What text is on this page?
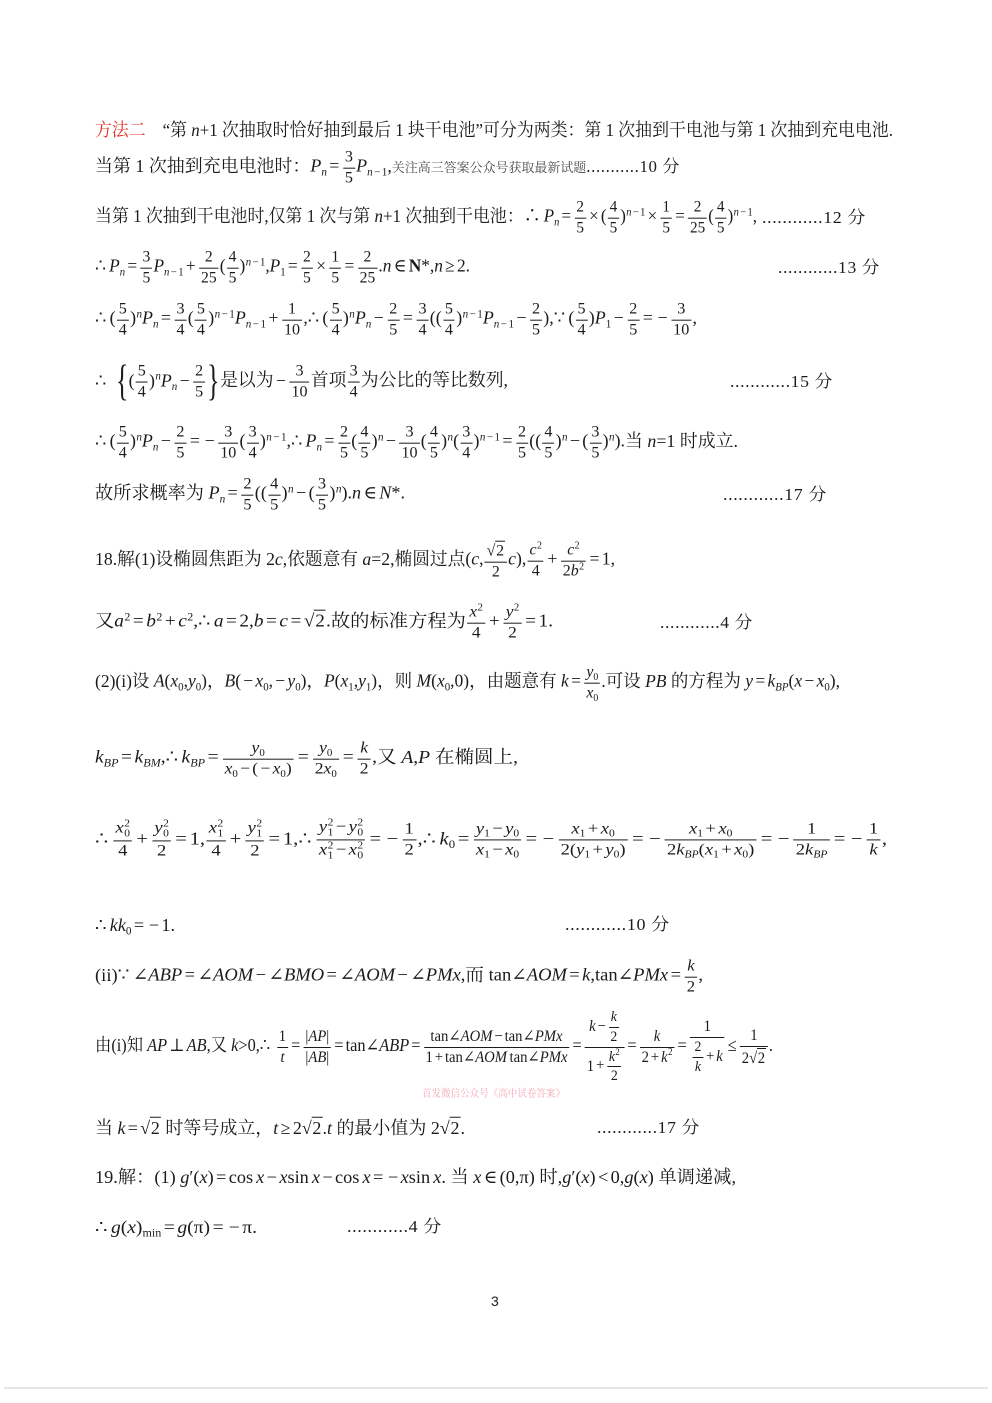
方法二 “第 n+1 次抽取时恰好抽到最后 1 块干电池”可分为两类：第 1 次抽到干电池与第 1 次抽到充电电池.
当第 1 次抽到充电电池时：$P_n = \frac{3}{5} P_{n-1}$,关注高三答案公众号获取最新试题...........10 分
当第 1 次抽到干电池时,仅第 1 次与第 n+1 次抽到干电池：∴ $P_n = \frac{2}{5}$ × ( $\frac{4}{5} )^{n-1} \times \frac{1}{5} = \frac{2}{25}$ ( $\frac{4}{5} )^{n-1}$, ............12 分
∴ $P_n = \frac{3}{5} P_{n-1} + \frac{2}{25}$ ( $\frac{4}{5} )^{n-1},P_1 = \frac{2}{5} \times \frac{1}{5} = \frac{2}{25} .n$ ∈ N*,n ≥ 2.	............13 分
∴ ( $\frac{5}{4} )^nP_n = \frac{3}{4}$ ( $\frac{5}{4} )^{n-1}P_{n-1} + \frac{1}{10}$ ,∴ ( $\frac{5}{4} )^nP_n - \frac{2}{5} = \frac{3}{4}$ (( $\frac{5}{4} )^{n-1}P_{n-1} - \frac{2}{5}$ ),∵ ( $\frac{5}{4} )P_1 - \frac{2}{5}$ = − $\frac{3}{10}$ ,
∴ {( $\frac{5}{4} )^nP_n - \frac{2}{5}$ }是以为 − $\frac{3}{10}$ 首项 $\frac{3}{4}$ 为公比的等比数列,	............15 分
∴ ( $\frac{5}{4} )^nP_n - \frac{2}{5}$ = − $\frac{3}{10}$ ( $\frac{3}{4}$ )$^{n-1}$,∴ $P_n = \frac{2}{5}$ ( $\frac{4}{5} )^n - \frac{3}{10}$ ( $\frac{4}{5} )^n( \frac{3}{4} )^{n-1} = \frac{2}{5}$ (( $\frac{4}{5} )^n$ − ( $\frac{3}{5} )^n$).当 n=1 时成立.
故所求概率为 $P_n = \frac{2}{5}$ (( $\frac{4}{5} )^n$ − ( $\frac{3}{5} )^n).n$ ∈ N*.	............17 分
18.解(1)设椭圆焦距为 2c,依题意有 a=2,椭圆过点(c, $\frac{√2}{2} c$), $\frac{c^2}{4} + \frac{c^2}{2b^2} = 1$,
又$a^2 = b^2$ + $c^2,\therefore$ a = 2,b = c = √2.故的标准方程为 $\frac{x^2}{4} + \frac{y^2}{2} = 1$.	............4 分
(2)(i)设 $A(x_0,y_0)$，$B( - x_0$, − $y_0$)，$P(x_1,y_1)$，则 $M(x_0,0)$，由题意有 $k = \frac{y_0}{x_0}$ .可设 PB 的方程为 $y = k_{BP}(x - x_0)$,
$k_{BP}$ = $k_{BM},\therefore$ $k_{BP} = \frac{y_0}{x_0 - ( - x_0)} = \frac{y_0}{2x_0} = \frac{k}{2}$ ,又 A,P 在椭圆上,
∴ x 2
0
4 + y 2
0
2 = 1, x 2
1
4 + y 2
1
2 = 1,∴ y 2
1 − y 2
0
x 2
1 − x 2
0 = − $\frac{1}{2}$ ,∴ $k_0 = \frac{y_1 - y_0}{x_1 - x_0}$ = − $\frac{x_1 + x_0}{2(y_1 + y_0)}$ = − $\frac{x_1 + x_0}{2k_{BP}(x_1 + x_0)}$ = − $\frac{1}{2k_{BP}}$ = − $\frac{1}{k}$ ,
∴ $kk_0$ = − 1.	............10 分
(ii)∵ ∠ABP = ∠AOM − ∠BMO = ∠AOM − ∠PMx,而 tan∠AOM = k,tan∠PMx = $\frac{k}{2}$ ,
由(i)知 AP ⊥ AB,又 k>0,∴ $\frac{1}{t} = \frac{|AP|}{|AB|}$ = tan∠ABP = $\frac{\text{tan∠AOM − tan∠PMx}}{\text{1 + tan∠AOM tan∠PMx}} = \frac{k - \frac{k}{2}}{1 + \frac{k^2}{2}} = \frac{k}{2 + k^2} = \frac{1}{\frac{2}{k} + k} \le \frac{1}{2√2}$ .
首发微信公众号《高中试卷答案》
当 k = √2 时等号成立，t ≥ 2√2.t 的最小值为 2√2.	............17 分
19.解：(1) g′(x) = cos x − xsin x − cos x = − xsin x. 当 x ∈ (0,π) 时,g′(x) < 0,g(x) 单调递减,
∴ $g(x)_{min} = g(\pi)$ = − π.	............4 分
3
